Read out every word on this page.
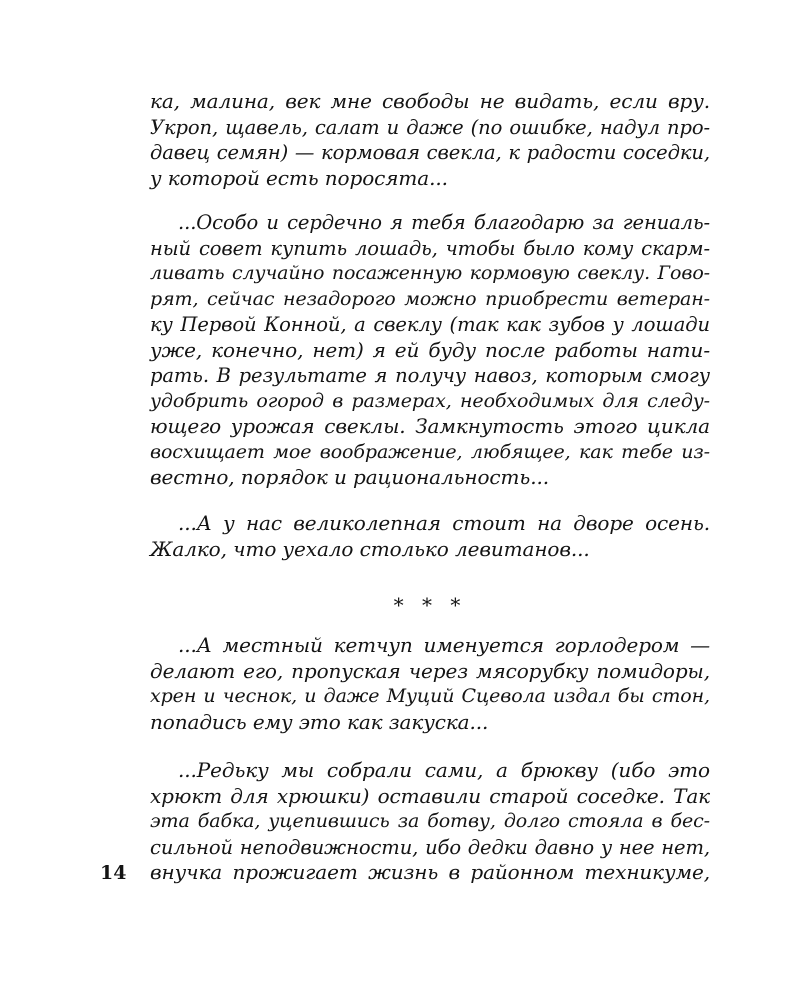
ка, малина, век мне свободы не видать, если вру.
Укроп, щавель, салат и даже (по ошибке, надул про-
давец семян) — кормовая свекла, к радости соседки,
у которой есть поросята...
...Особо и сердечно я тебя благодарю за гениаль-
ный совет купить лошадь, чтобы было кому скарм-
ливать случайно посаженную кормовую свеклу. Гово-
рят, сейчас незадорого можно приобрести ветеран-
ку Первой Конной, а свеклу (так как зубов у лошади
уже, конечно, нет) я ей буду после работы нати-
рать. В результате я получу навоз, которым смогу
удобрить огород в размерах, необходимых для следу-
ющего урожая свеклы. Замкнутость этого цикла
восхищает мое воображение, любящее, как тебе из-
вестно, порядок и рациональность...
...А у нас великолепная стоит на дворе осень.
Жалко, что уехало столько левитанов...
* * *
...А местный кетчуп именуется горлодером —
делают его, пропуская через мясорубку помидоры,
хрен и чеснок, и даже Муций Сцевола издал бы стон,
попадись ему это как закуска...
...Редьку мы собрали сами, а брюкву (ибо это
хрюкт для хрюшки) оставили старой соседке. Так
эта бабка, уцепившись за ботву, долго стояла в бес-
сильной неподвижности, ибо дедки давно у нее нет,
внучка прожигает жизнь в районном техникуме,
14
